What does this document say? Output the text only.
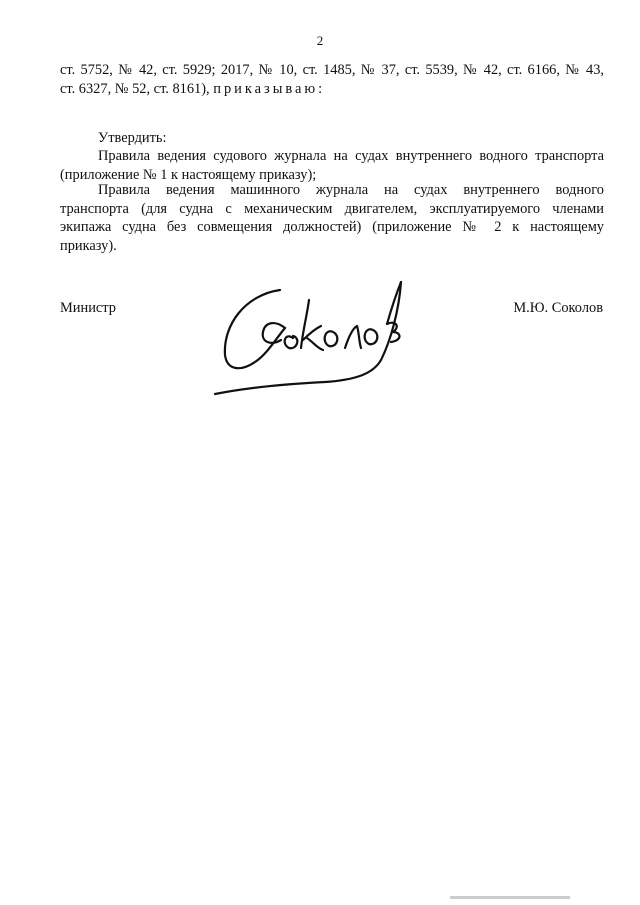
2
ст. 5752, № 42, ст. 5929; 2017, № 10, ст. 1485, № 37, ст. 5539, № 42, ст. 6166, № 43,
ст. 6327, № 52, ст. 8161), приказываю:
Утвердить:
Правила ведения судового журнала на судах внутреннего водного транспорта
(приложение № 1 к настоящему приказу);
Правила ведения машинного журнала на судах внутреннего водного
транспорта (для судна с механическим двигателем, эксплуатируемого членами
экипажа судна без совмещения должностей) (приложение № 2 к настоящему
приказу).
Министр	М.Ю. Соколов
